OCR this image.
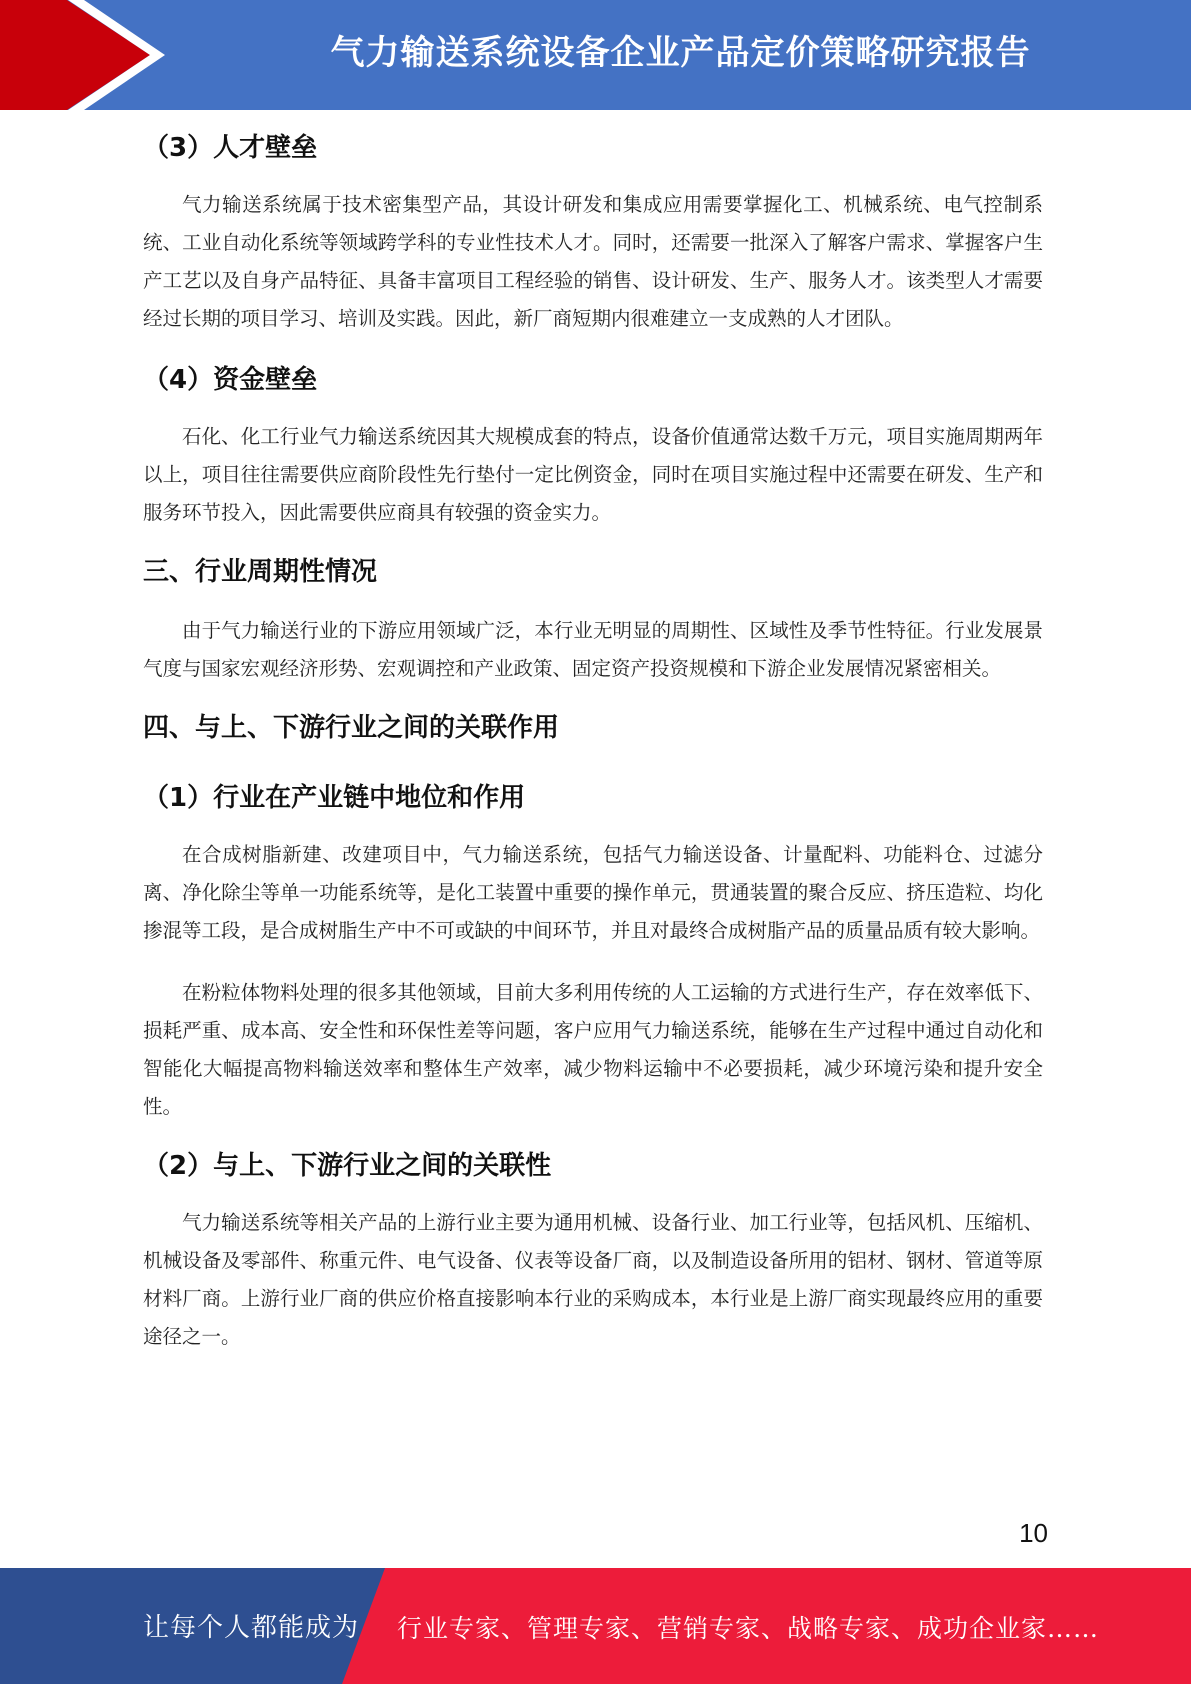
气力输送系统设备企业产品定价策略研究报告
（3）人才壁垒

气力输送系统属于技术密集型产品，其设计研发和集成应用需要掌握化工、机械系统、电气控制系统、工业自动化系统等领域跨学科的专业性技术人才。同时，还需要一批深入了解客户需求、掌握客户生产工艺以及自身产品特征、具备丰富项目工程经验的销售、设计研发、生产、服务人才。该类型人才需要经过长期的项目学习、培训及实践。因此，新厂商短期内很难建立一支成熟的人才团队。

（4）资金壁垒

石化、化工行业气力输送系统因其大规模成套的特点，设备价值通常达数千万元，项目实施周期两年以上，项目往往需要供应商阶段性先行垫付一定比例资金，同时在项目实施过程中还需要在研发、生产和服务环节投入，因此需要供应商具有较强的资金实力。

三、行业周期性情况

由于气力输送行业的下游应用领域广泛，本行业无明显的周期性、区域性及季节性特征。行业发展景气度与国家宏观经济形势、宏观调控和产业政策、固定资产投资规模和下游企业发展情况紧密相关。

四、与上、下游行业之间的关联作用
（1）行业在产业链中地位和作用

在合成树脂新建、改建项目中，气力输送系统，包括气力输送设备、计量配料、功能料仓、过滤分离、净化除尘等单一功能系统等，是化工装置中重要的操作单元，贯通装置的聚合反应、挤压造粒、均化掺混等工段，是合成树脂生产中不可或缺的中间环节，并且对最终合成树脂产品的质量品质有较大影响。

在粉粒体物料处理的很多其他领域，目前大多利用传统的人工运输的方式进行生产，存在效率低下、损耗严重、成本高、安全性和环保性差等问题，客户应用气力输送系统，能够在生产过程中通过自动化和智能化大幅提高物料输送效率和整体生产效率，减少物料运输中不必要损耗，减少环境污染和提升安全性。

（2）与上、下游行业之间的关联性

气力输送系统等相关产品的上游行业主要为通用机械、设备行业、加工行业等，包括风机、压缩机、机械设备及零部件、称重元件、电气设备、仪表等设备厂商，以及制造设备所用的铝材、钢材、管道等原材料厂商。上游行业厂商的供应价格直接影响本行业的采购成本，本行业是上游厂商实现最终应用的重要途径之一。

10
让每个人都能成为 行业专家、管理专家、营销专家、战略专家、成功企业家……
